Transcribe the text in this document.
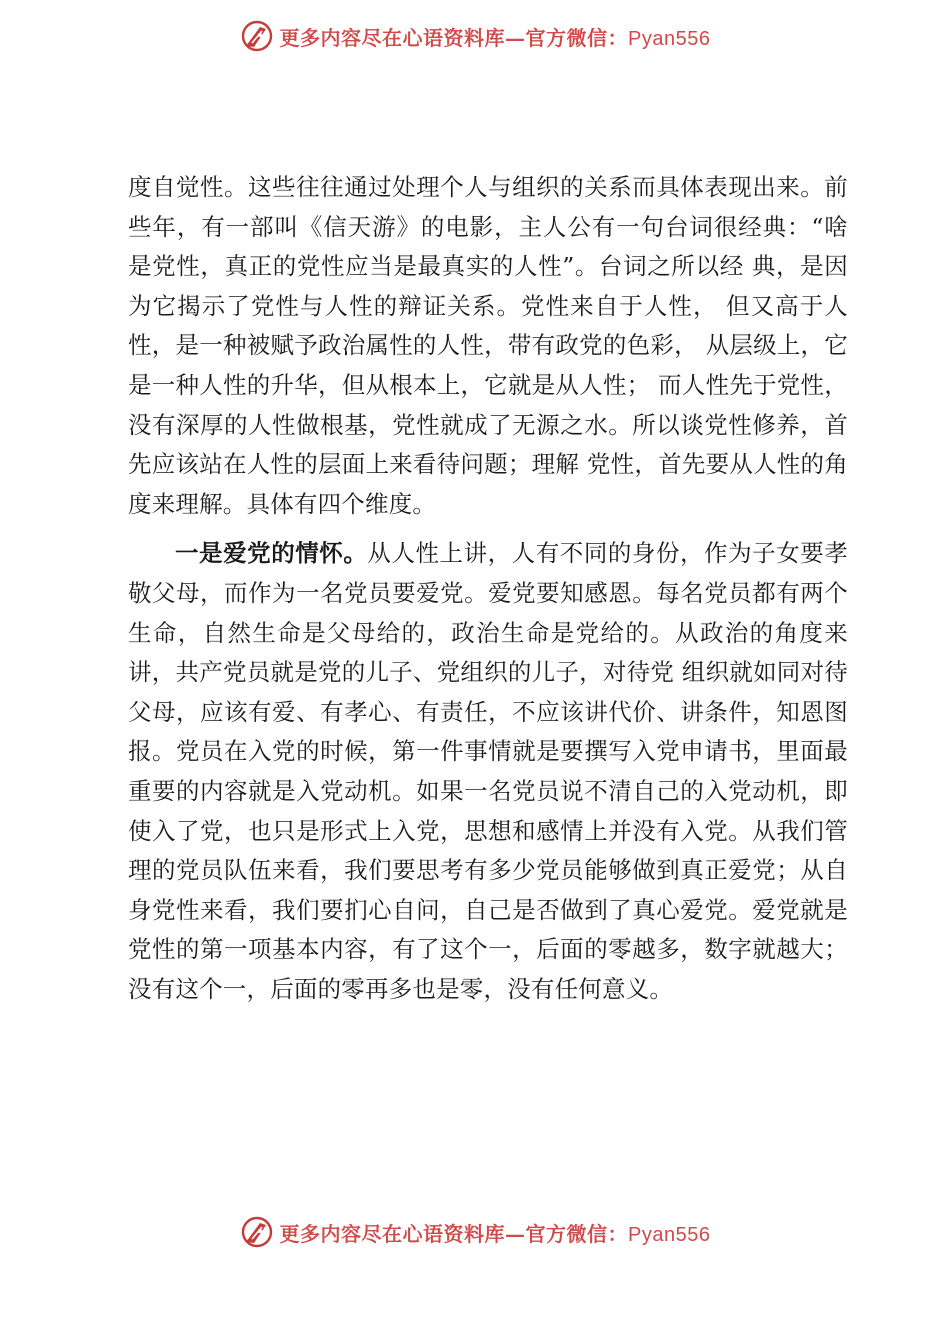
更多内容尽在心语资料库—官方微信：Pyan556

度自觉性。这些往往通过处理个人与组织的关系而具体表现出来。前些年，有一部叫《信天游》的电影，主人公有一句台词很经典：“啥是党性，真正的党性应当是最真实的人性”。台词之所以经 典，是因为它揭示了党性与人性的辩证关系。党性来自于人性， 但又高于人性，是一种被赋予政治属性的人性，带有政党的色彩， 从层级上，它是一种人性的升华，但从根本上，它就是从人性； 而人性先于党性，没有深厚的人性做根基，党性就成了无源之水。所以谈党性修养，首先应该站在人性的层面上来看待问题；理解 党性，首先要从人性的角度来理解。具体有四个维度。

一是爱党的情怀。从人性上讲，人有不同的身份，作为子女要孝敬父母，而作为一名党员要爱党。爱党要知感恩。每名党员都有两个生命，自然生命是父母给的，政治生命是党给的。从政治的角度来讲，共产党员就是党的儿子、党组织的儿子，对待党 组织就如同对待父母，应该有爱、有孝心、有责任，不应该讲代价、讲条件，知恩图报。党员在入党的时候，第一件事情就是要撰写入党申请书，里面最重要的内容就是入党动机。如果一名党员说不清自己的入党动机，即使入了党，也只是形式上入党，思想和感情上并没有入党。从我们管理的党员队伍来看，我们要思考有多少党员能够做到真正爱党；从自身党性来看，我们要扪心自问，自己是否做到了真心爱党。爱党就是党性的第一项基本内容，有了这个一，后面的零越多，数字就越大；没有这个一，后面的零再多也是零，没有任何意义。

更多内容尽在心语资料库—官方微信：Pyan556
